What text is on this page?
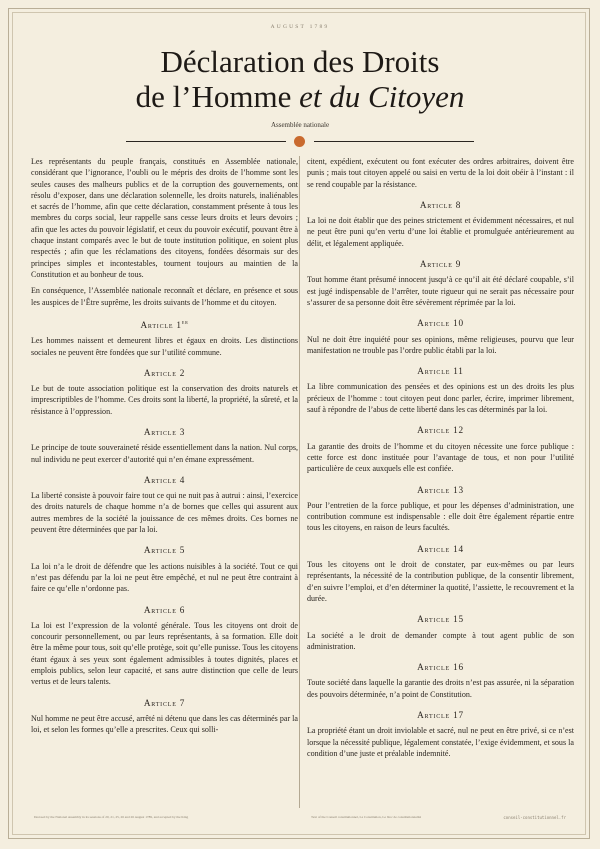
AUGUST 1789
Déclaration des Droits
de l’Homme et du Citoyen
Assemblée nationale

Les représentants du peuple français, constitués en Assemblée nationale, considérant que l’ignorance, l’oubli ou le mépris des droits de l’homme sont les seules causes des malheurs publics et de la corruption des gouvernements, ont résolu d’exposer, dans une déclaration solennelle, les droits naturels, inaliénables et sacrés de l’homme, afin que cette déclaration, constamment présente à tous les membres du corps social, leur rappelle sans cesse leurs droits et leurs devoirs ; afin que les actes du pouvoir législatif, et ceux du pouvoir exécutif, pouvant être à chaque instant comparés avec le but de toute institution politique, en soient plus respectés ; afin que les réclamations des citoyens, fondées désormais sur des principes simples et incontestables, tournent toujours au maintien de la Constitution et au bonheur de tous.

En conséquence, l’Assemblée nationale reconnaît et déclare, en présence et sous les auspices de l’Être suprême, les droits suivants de l’homme et du citoyen.

Article 1er

Les hommes naissent et demeurent libres et égaux en droits. Les distinctions sociales ne peuvent être fondées que sur l’utilité commune.

Article 2

Le but de toute association politique est la conservation des droits naturels et imprescriptibles de l’homme. Ces droits sont la liberté, la propriété, la sûreté, et la résistance à l’oppression.

Article 3

Le principe de toute souveraineté réside essentiellement dans la nation. Nul corps, nul individu ne peut exercer d’autorité qui n’en émane expressément.

Article 4

La liberté consiste à pouvoir faire tout ce qui ne nuit pas à autrui : ainsi, l’exercice des droits naturels de chaque homme n’a de bornes que celles qui assurent aux autres membres de la société la jouissance de ces mêmes droits. Ces bornes ne peuvent être déterminées que par la loi.

Article 5

La loi n’a le droit de défendre que les actions nuisibles à la société. Tout ce qui n’est pas défendu par la loi ne peut être empêché, et nul ne peut être contraint à faire ce qu’elle n’ordonne pas.

Article 6

La loi est l’expression de la volonté générale. Tous les citoyens ont droit de concourir personnellement, ou par leurs représentants, à sa formation. Elle doit être la même pour tous, soit qu’elle protège, soit qu’elle punisse. Tous les citoyens étant égaux à ses yeux sont également admissibles à toutes dignités, places et emplois publics, selon leur capacité, et sans autre distinction que celle de leurs vertus et de leurs talents.

Article 7

Nul homme ne peut être accusé, arrêté ni détenu que dans les cas déterminés par la loi, et selon les formes qu’elle a prescrites. Ceux qui solli-

citent, expédient, exécutent ou font exécuter des ordres arbitraires, doivent être punis ; mais tout citoyen appelé ou saisi en vertu de la loi doit obéir à l’instant : il se rend coupable par la résistance.

Article 8

La loi ne doit établir que des peines strictement et évidemment nécessaires, et nul ne peut être puni qu’en vertu d’une loi établie et promulguée antérieurement au délit, et légalement appliquée.

Article 9

Tout homme étant présumé innocent jusqu’à ce qu’il ait été déclaré coupable, s’il est jugé indispensable de l’arrêter, toute rigueur qui ne serait pas nécessaire pour s’assurer de sa personne doit être sévèrement réprimée par la loi.

Article 10

Nul ne doit être inquiété pour ses opinions, même religieuses, pourvu que leur manifestation ne trouble pas l’ordre public établi par la loi.

Article 11

La libre communication des pensées et des opinions est un des droits les plus précieux de l’homme : tout citoyen peut donc parler, écrire, imprimer librement, sauf à répondre de l’abus de cette liberté dans les cas déterminés par la loi.

Article 12

La garantie des droits de l’homme et du citoyen nécessite une force publique : cette force est donc instituée pour l’avantage de tous, et non pour l’utilité particulière de ceux auxquels elle est confiée.

Article 13

Pour l’entretien de la force publique, et pour les dépenses d’administration, une contribution commune est indispensable : elle doit être également répartie entre tous les citoyens, en raison de leurs facultés.

Article 14

Tous les citoyens ont le droit de constater, par eux-mêmes ou par leurs représentants, la nécessité de la contribution publique, de la consentir librement, d’en suivre l’emploi, et d’en déterminer la quotité, l’assiette, le recouvrement et la durée.

Article 15

La société a le droit de demander compte à tout agent public de son administration.

Article 16

Toute société dans laquelle la garantie des droits n’est pas assurée, ni la séparation des pouvoirs déterminée, n’a point de Constitution.

Article 17

La propriété étant un droit inviolable et sacré, nul ne peut en être privé, si ce n’est lorsque la nécessité publique, légalement constatée, l’exige évidemment, et sous la condition d’une juste et préalable indemnité.

Decreed by the National Assembly in its sessions of 20, 21, 25, 26 and 26 August 1789, and accepted by the King	Text of the Conseil constitutionnel, La Constitution, Le bloc de constitutionnalité	conseil-constitutionnel.fr
